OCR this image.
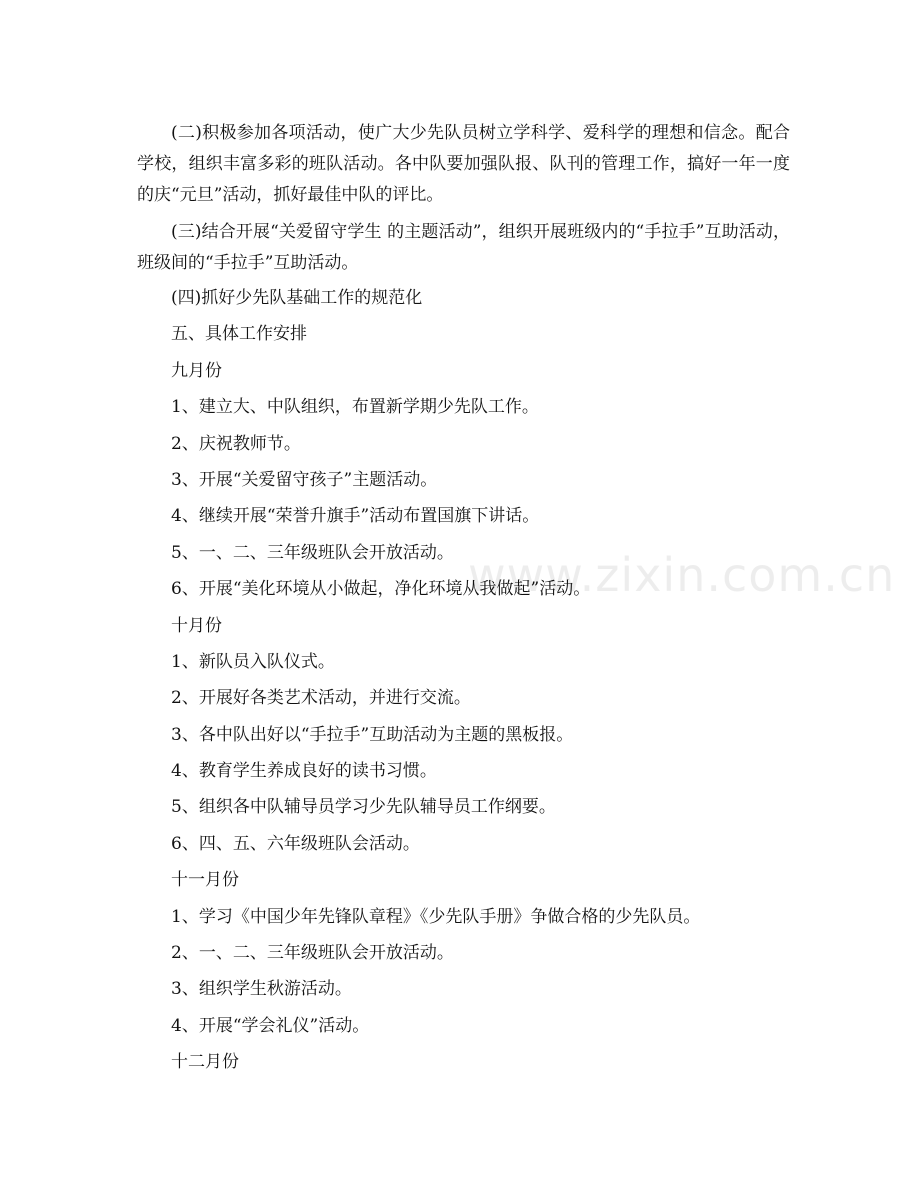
(二)积极参加各项活动，使广大少先队员树立学科学、爱科学的理想和信念。配合学校，组织丰富多彩的班队活动。各中队要加强队报、队刊的管理工作，搞好一年一度的庆“元旦”活动，抓好最佳中队的评比。

(三)结合开展“关爱留守学生 的主题活动”，组织开展班级内的“手拉手”互助活动，班级间的“手拉手”互助活动。

(四)抓好少先队基础工作的规范化

五、具体工作安排

九月份

1、建立大、中队组织，布置新学期少先队工作。

2、庆祝教师节。

3、开展“关爱留守孩子”主题活动。

4、继续开展“荣誉升旗手”活动布置国旗下讲话。

5、一、二、三年级班队会开放活动。

6、开展“美化环境从小做起，净化环境从我做起”活动。

十月份

1、新队员入队仪式。

2、开展好各类艺术活动，并进行交流。

3、各中队出好以“手拉手”互助活动为主题的黑板报。

4、教育学生养成良好的读书习惯。

5、组织各中队辅导员学习少先队辅导员工作纲要。

6、四、五、六年级班队会活动。

十一月份

1、学习《中国少年先锋队章程》《少先队手册》争做合格的少先队员。

2、一、二、三年级班队会开放活动。

3、组织学生秋游活动。

4、开展“学会礼仪”活动。

十二月份

www.zixin.com.cn
